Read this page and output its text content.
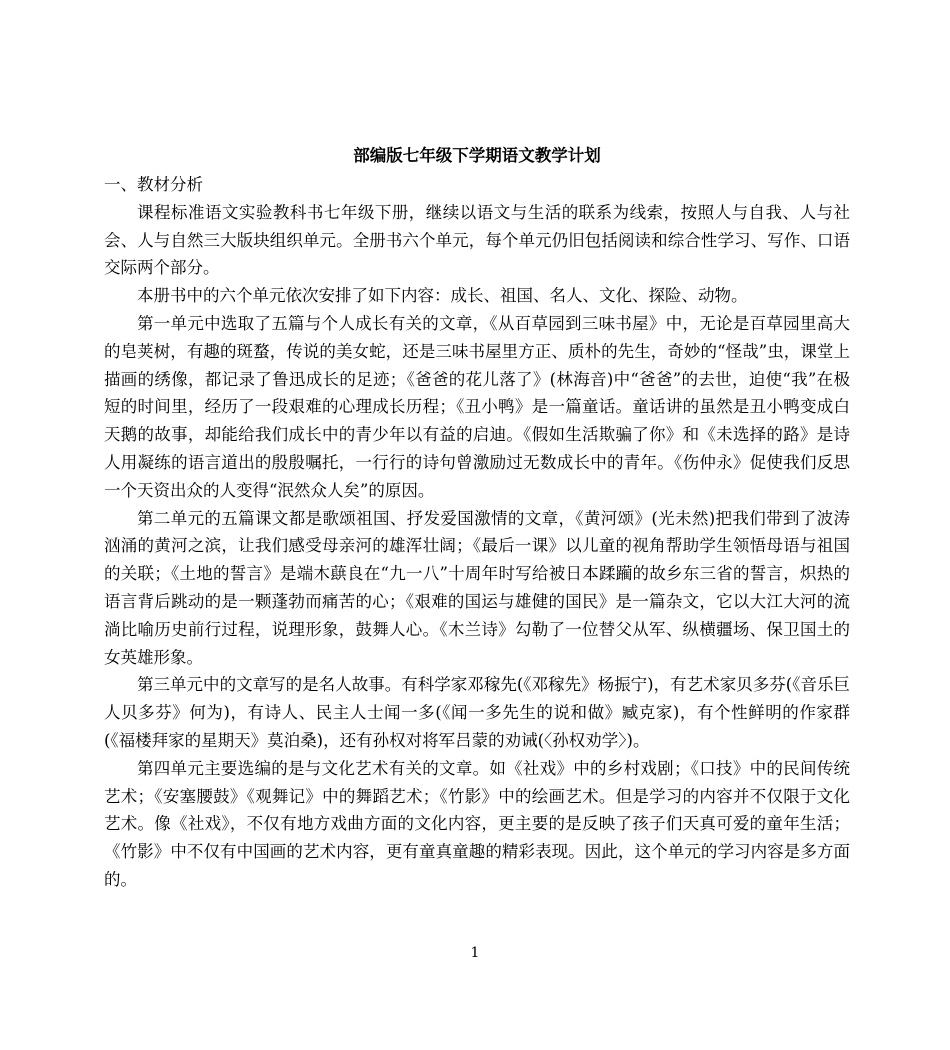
部编版七年级下学期语文教学计划

一、教材分析

课程标准语文实验教科书七年级下册，继续以语文与生活的联系为线索，按照人与自我、人与社会、人与自然三大版块组织单元。全册书六个单元，每个单元仍旧包括阅读和综合性学习、写作、口语交际两个部分。

本册书中的六个单元依次安排了如下内容：成长、祖国、名人、文化、探险、动物。

第一单元中选取了五篇与个人成长有关的文章，《从百草园到三味书屋》中，无论是百草园里高大的皂荚树，有趣的斑蝥，传说的美女蛇，还是三味书屋里方正、质朴的先生，奇妙的“怪哉”虫，课堂上描画的绣像，都记录了鲁迅成长的足迹；《爸爸的花儿落了》(林海音)中“爸爸”的去世，迫使“我”在极短的时间里，经历了一段艰难的心理成长历程；《丑小鸭》是一篇童话。童话讲的虽然是丑小鸭变成白天鹅的故事，却能给我们成长中的青少年以有益的启迪。《假如生活欺骗了你》和《未选择的路》是诗人用凝练的语言道出的殷殷嘱托，一行行的诗句曾激励过无数成长中的青年。《伤仲永》促使我们反思一个天资出众的人变得“泯然众人矣”的原因。

第二单元的五篇课文都是歌颂祖国、抒发爱国激情的文章，《黄河颂》(光未然)把我们带到了波涛汹涌的黄河之滨，让我们感受母亲河的雄浑壮阔；《最后一课》以儿童的视角帮助学生领悟母语与祖国的关联；《土地的誓言》是端木蕻良在“九一八”十周年时写给被日本蹂躏的故乡东三省的誓言，炽热的语言背后跳动的是一颗蓬勃而痛苦的心；《艰难的国运与雄健的国民》是一篇杂文，它以大江大河的流淌比喻历史前行过程，说理形象，鼓舞人心。《木兰诗》勾勒了一位替父从军、纵横疆场、保卫国土的女英雄形象。

第三单元中的文章写的是名人故事。有科学家邓稼先(《邓稼先》杨振宁)，有艺术家贝多芬(《音乐巨人贝多芬》何为)，有诗人、民主人士闻一多(《闻一多先生的说和做》臧克家)，有个性鲜明的作家群(《福楼拜家的星期天》莫泊桑)，还有孙权对将军吕蒙的劝诫(〈孙权劝学〉)。

第四单元主要选编的是与文化艺术有关的文章。如《社戏》中的乡村戏剧；《口技》中的民间传统艺术；《安塞腰鼓》《观舞记》中的舞蹈艺术；《竹影》中的绘画艺术。但是学习的内容并不仅限于文化艺术。像《社戏》，不仅有地方戏曲方面的文化内容，更主要的是反映了孩子们天真可爱的童年生活；《竹影》中不仅有中国画的艺术内容，更有童真童趣的精彩表现。因此，这个单元的学习内容是多方面的。

1
